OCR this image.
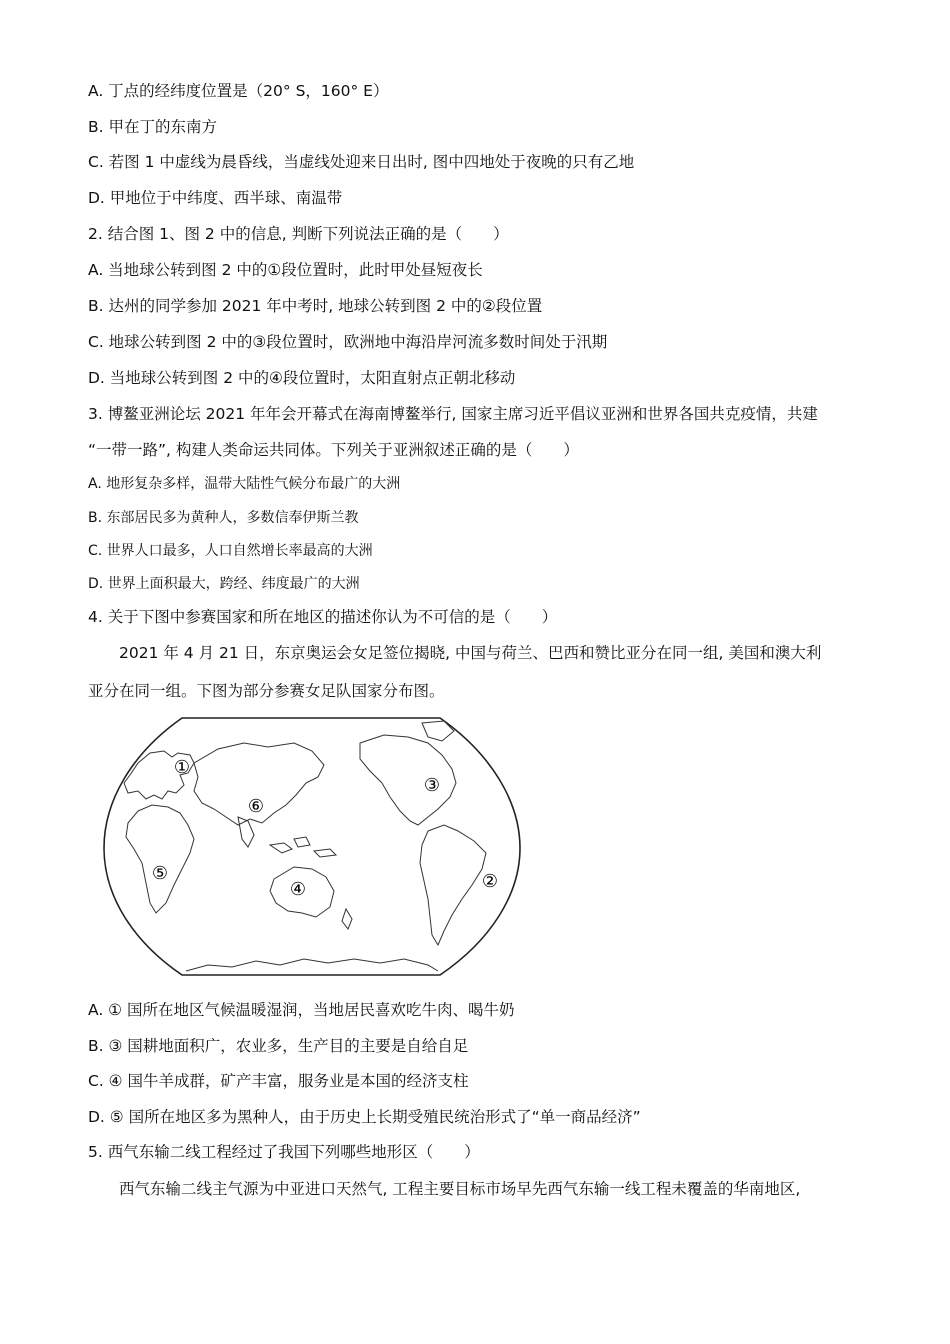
A. 丁点的经纬度位置是（20° S，160° E）
B. 甲在丁的东南方
C. 若图 1 中虚线为晨昏线，当虚线处迎来日出时, 图中四地处于夜晚的只有乙地
D. 甲地位于中纬度、西半球、南温带
2. 结合图 1、图 2 中的信息, 判断下列说法正确的是（　　）
A. 当地球公转到图 2 中的①段位置时，此时甲处昼短夜长
B. 达州的同学参加 2021 年中考时, 地球公转到图 2 中的②段位置
C. 地球公转到图 2 中的③段位置时，欧洲地中海沿岸河流多数时间处于汛期
D. 当地球公转到图 2 中的④段位置时，太阳直射点正朝北移动
3. 博鳌亚洲论坛 2021 年年会开幕式在海南博鳌举行, 国家主席习近平倡议亚洲和世界各国共克疫情，共建
“一带一路”, 构建人类命运共同体。下列关于亚洲叙述正确的是（　　）
A. 地形复杂多样，温带大陆性气候分布最广的大洲
B. 东部居民多为黄种人，多数信奉伊斯兰教
C. 世界人口最多，人口自然增长率最高的大洲
D. 世界上面积最大，跨经、纬度最广的大洲
4. 关于下图中参赛国家和所在地区的描述你认为不可信的是（　　）
2021 年 4 月 21 日，东京奥运会女足签位揭晓, 中国与荷兰、巴西和赞比亚分在同一组, 美国和澳大利
亚分在同一组。下图为部分参赛女足队国家分布图。
①
②
③
④
⑤
⑥
A. ① 国所在地区气候温暖湿润，当地居民喜欢吃牛肉、喝牛奶
B. ③ 国耕地面积广，农业多，生产目的主要是自给自足
C. ④ 国牛羊成群，矿产丰富，服务业是本国的经济支柱
D. ⑤ 国所在地区多为黑种人，由于历史上长期受殖民统治形式了“单一商品经济”
5. 西气东输二线工程经过了我国下列哪些地形区（　　）
西气东输二线主气源为中亚进口天然气, 工程主要目标市场早先西气东输一线工程未覆盖的华南地区,
